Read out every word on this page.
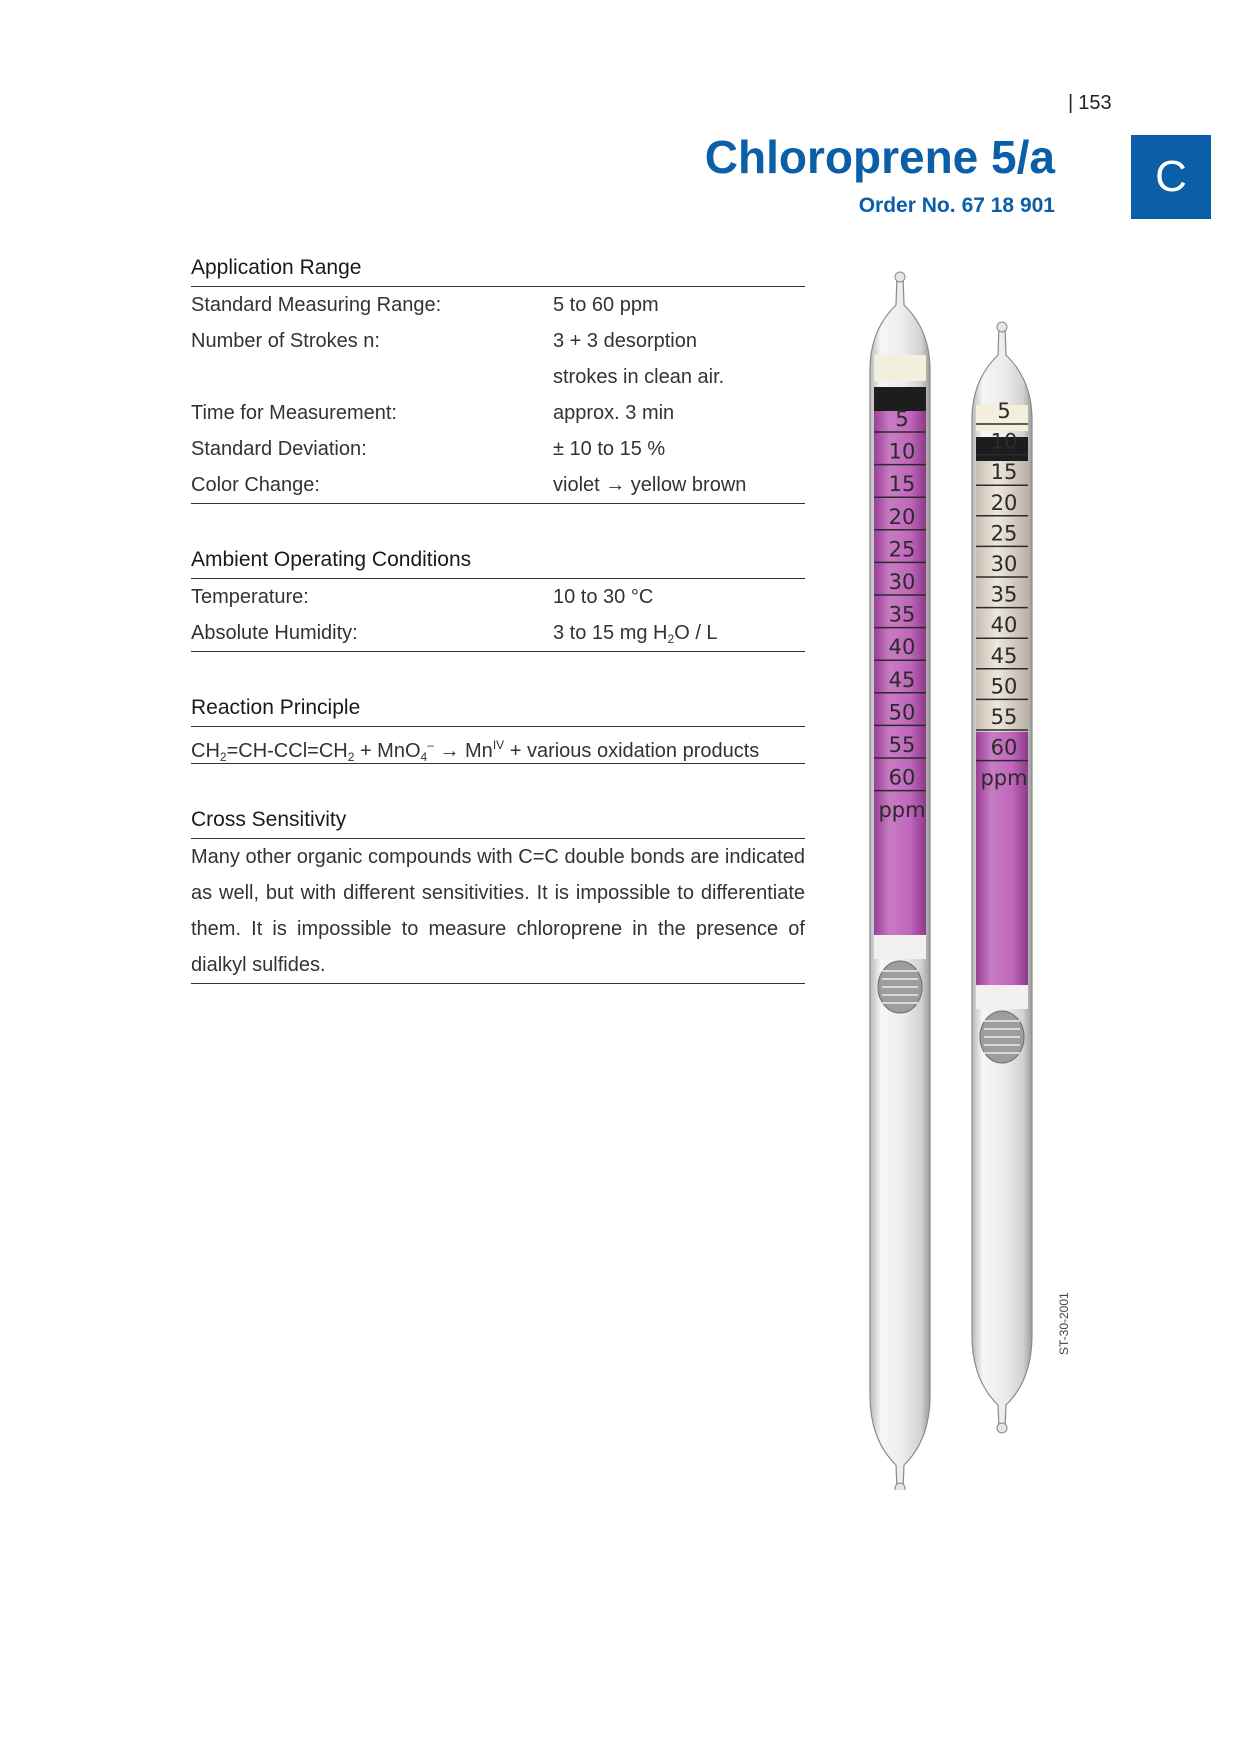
| 153
Chloroprene 5/a
Order No. 67 18 901
C
Application Range
Standard Measuring Range:	5 to 60 ppm
Number of Strokes n:	3 + 3 desorption
strokes in clean air.
Time for Measurement:	approx. 3 min
Standard Deviation:	± 10 to 15 %
Color Change:	violet → yellow brown
Ambient Operating Conditions
Temperature:	10 to 30 °C
Absolute Humidity:	3 to 15 mg $H_2O$ / L
Reaction Principle
$CH_2=CH-CCl=CH_2 + MnO_4^- \to Mn^{IV}$ + various oxidation products
Cross Sensitivity
Many other organic compounds with C=C double bonds are indicated as well, but with different sensitivities. It is impossible to differentiate them. It is impossible to measure chloroprene in the presence of dialkyl sulfides.
5
10
15
20
25
30
35
40
45
50
55
60
ppm
5
10
15
20
25
30
35
40
45
50
55
60
ppm
ST-30-2001
